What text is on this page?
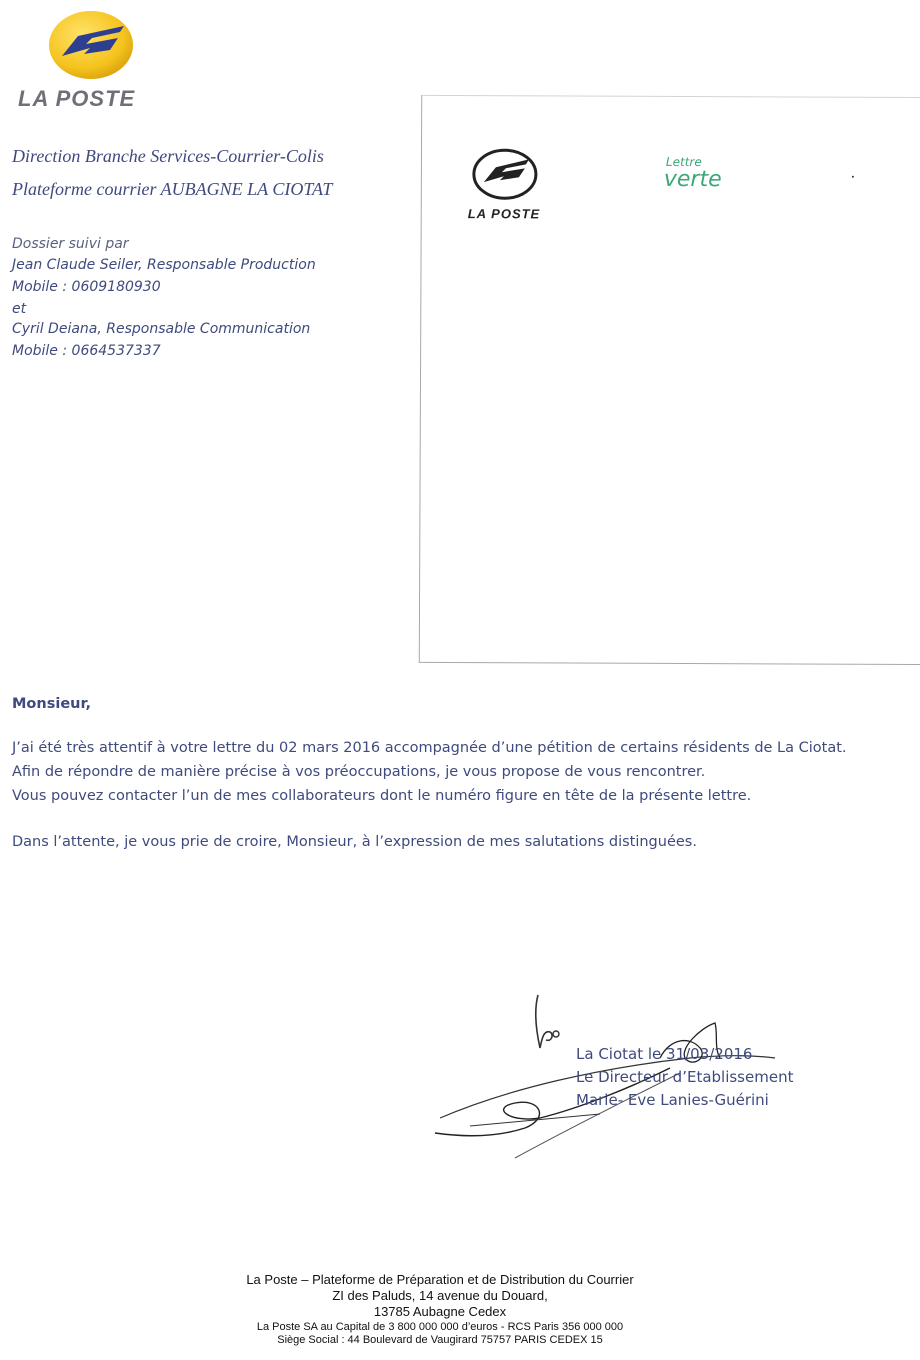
LA POSTE
Direction Branche Services-Courrier-Colis
Plateforme courrier AUBAGNE LA CIOTAT
Dossier suivi par
Jean Claude Seiler, Responsable Production
Mobile : 0609180930
et
Cyril Deiana, Responsable Communication
Mobile : 0664537337
LA POSTE
Lettre
verte
Monsieur,
J’ai été très attentif à votre lettre du 02 mars 2016 accompagnée d’une pétition de certains résidents de La Ciotat.
Afin de répondre de manière précise à vos préoccupations, je vous propose de vous rencontrer.
Vous pouvez contacter l’un de mes collaborateurs dont le numéro figure en tête de la présente lettre.
Dans l’attente, je vous prie de croire, Monsieur, à l’expression de mes salutations distinguées.
La Ciotat le 31/03/2016
Le Directeur d’Etablissement
Marie- Eve Lanies-Guérini
La Poste – Plateforme de Préparation et de Distribution du Courrier
ZI des Paluds, 14 avenue du Douard,
13785 Aubagne Cedex
La Poste SA au Capital de 3 800 000 000 d’euros - RCS Paris 356 000 000
Siège Social : 44 Boulevard de Vaugirard 75757 PARIS CEDEX 15
